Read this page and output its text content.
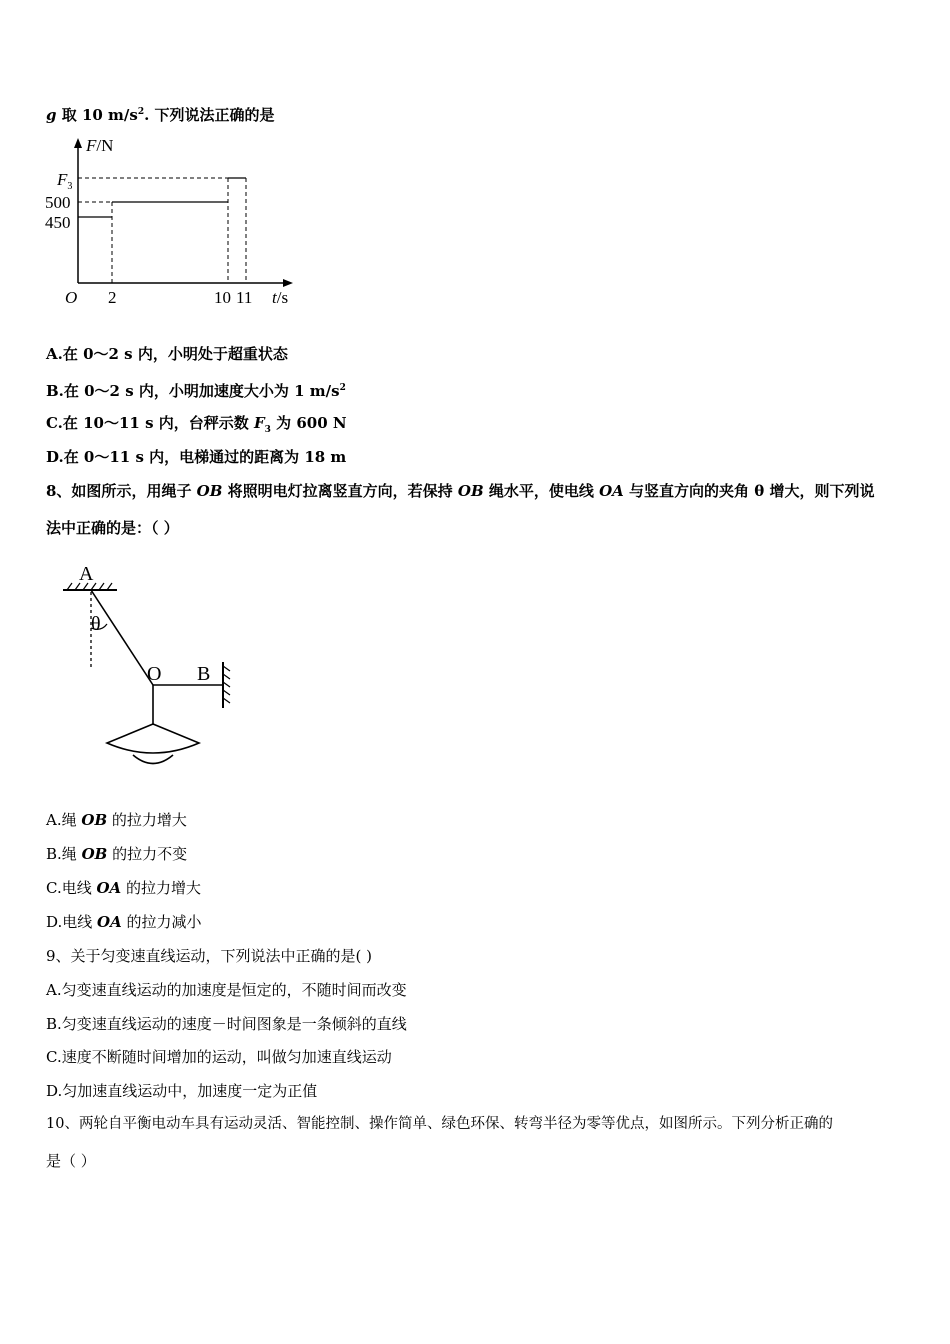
g 取 10 $m/s^2$. 下列说法正确的是
F/N
t/s
O
$F_3$
500
450
2	10 11
A.在 0～2 s 内，小明处于超重状态
B.在 0～2 s 内，小明加速度大小为 1 $m/s^2$
C.在 10～11 s 内，台秤示数 $F_3$ 为 600 N
D.在 0～11 s 内，电梯通过的距离为 18 m
8、如图所示，用绳子 OB 将照明电灯拉离竖直方向，若保持 OB 绳水平，使电线 OA 与竖直方向的夹角 θ 增大，则下列说
法中正确的是：（ ）
A
θ
O B
A.绳 OB 的拉力增大
B.绳 OB 的拉力不变
C.电线 OA 的拉力增大
D.电线 OA 的拉力减小
9、关于匀变速直线运动，下列说法中正确的是( )
A.匀变速直线运动的加速度是恒定的，不随时间而改变
B.匀变速直线运动的速度－时间图象是一条倾斜的直线
C.速度不断随时间增加的运动，叫做匀加速直线运动
D.匀加速直线运动中，加速度一定为正值
10、两轮自平衡电动车具有运动灵活、智能控制、操作简单、绿色环保、转弯半径为零等优点，如图所示。下列分析正确的
是（ ）
